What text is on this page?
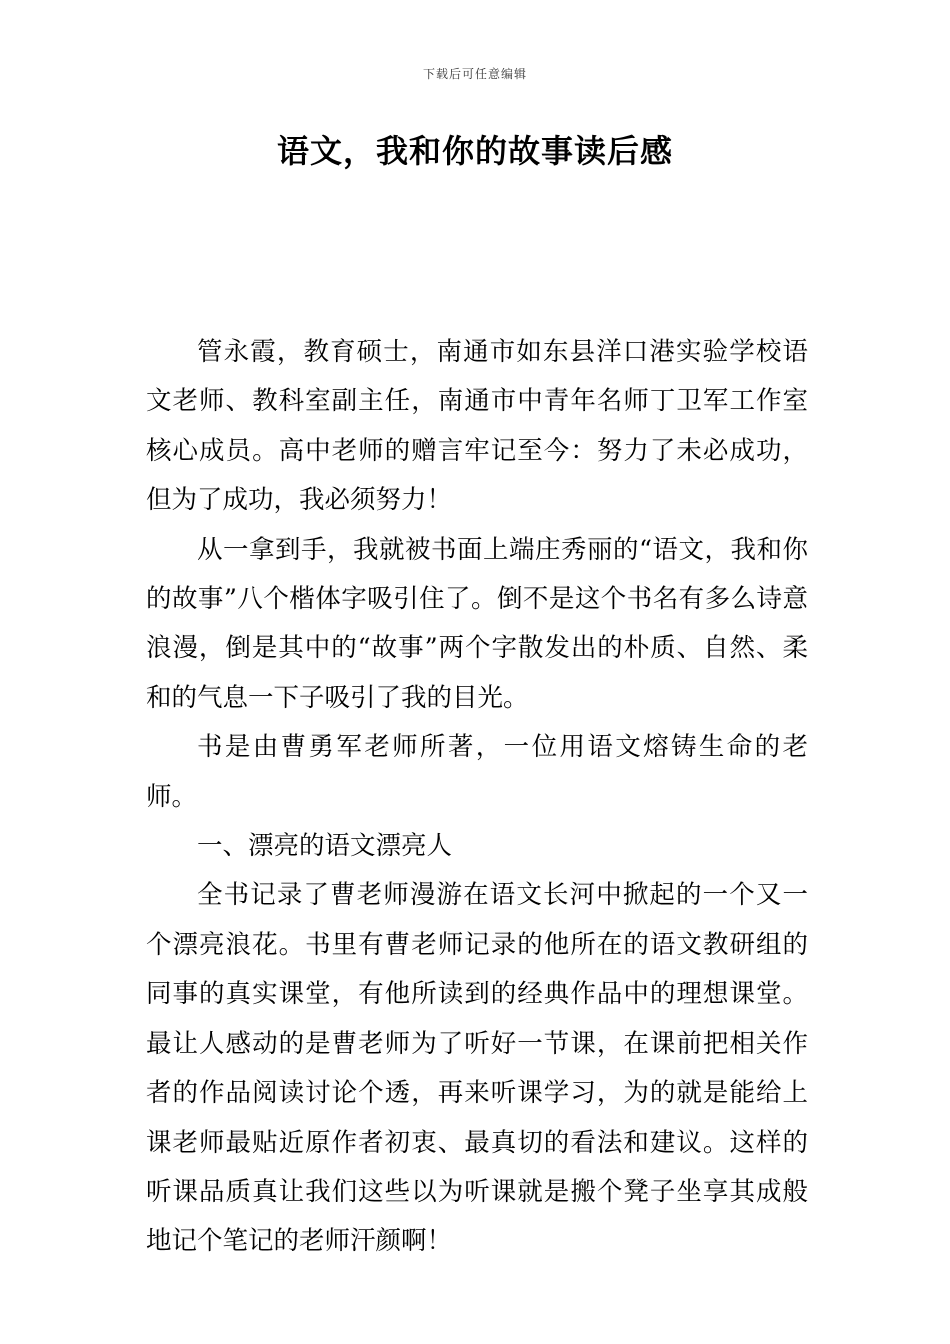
下载后可任意编辑
语文，我和你的故事读后感

管永霞，教育硕士，南通市如东县洋口港实验学校语文老师、教科室副主任，南通市中青年名师丁卫军工作室核心成员。高中老师的赠言牢记至今：努力了未必成功，但为了成功，我必须努力！

从一拿到手，我就被书面上端庄秀丽的“语文，我和你的故事”八个楷体字吸引住了。倒不是这个书名有多么诗意浪漫，倒是其中的“故事”两个字散发出的朴质、自然、柔和的气息一下子吸引了我的目光。

书是由曹勇军老师所著，一位用语文熔铸生命的老师。

一、漂亮的语文漂亮人

全书记录了曹老师漫游在语文长河中掀起的一个又一个漂亮浪花。书里有曹老师记录的他所在的语文教研组的同事的真实课堂，有他所读到的经典作品中的理想课堂。最让人感动的是曹老师为了听好一节课，在课前把相关作者的作品阅读讨论个透，再来听课学习，为的就是能给上课老师最贴近原作者初衷、最真切的看法和建议。这样的听课品质真让我们这些以为听课就是搬个凳子坐享其成般地记个笔记的老师汗颜啊！
